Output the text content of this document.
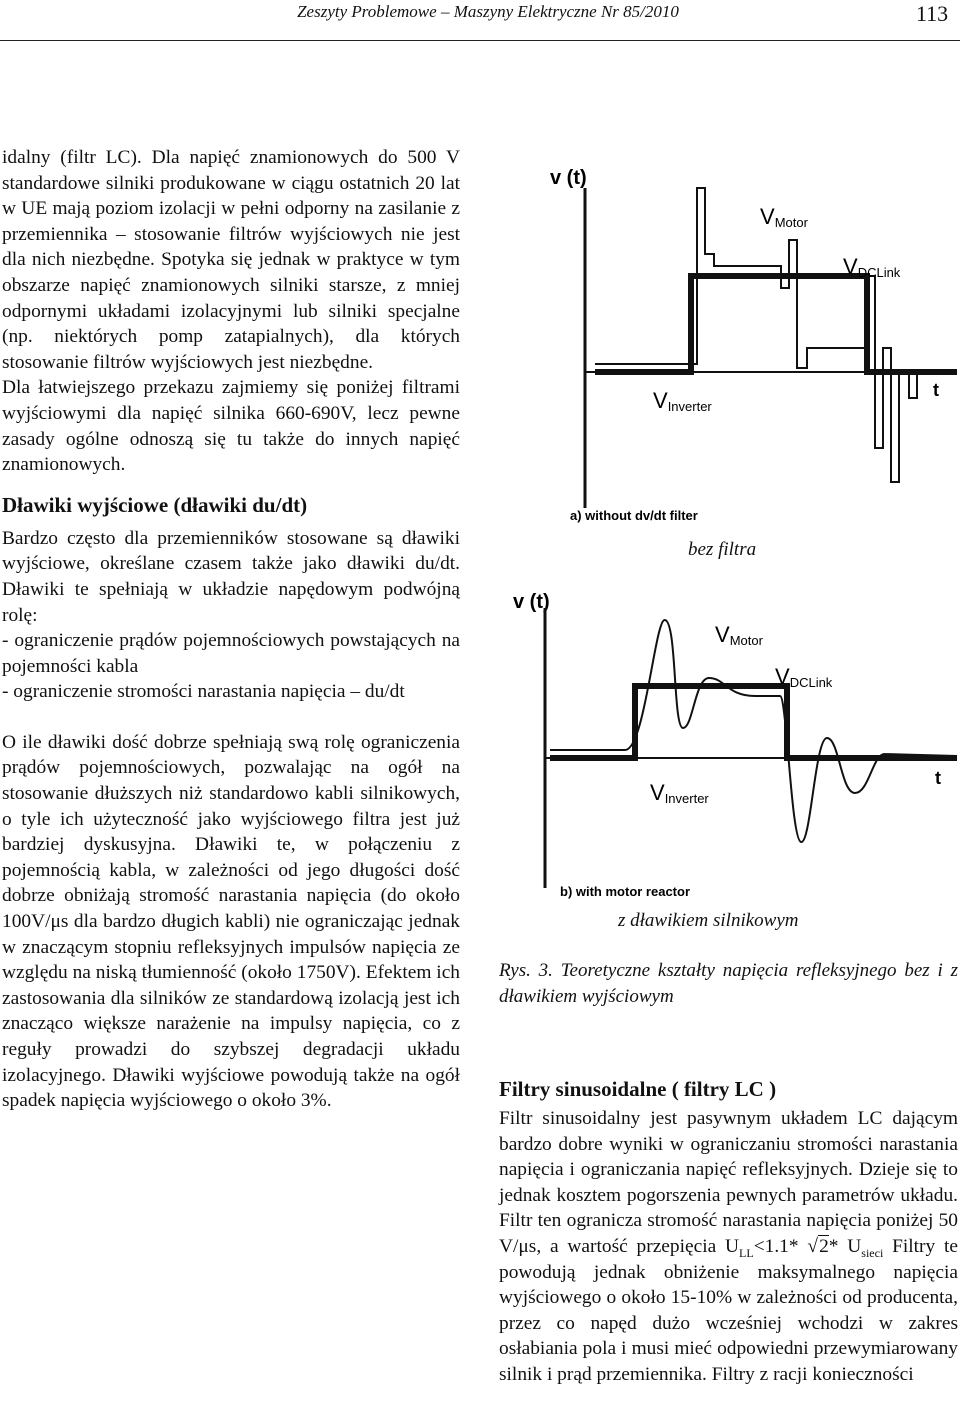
Zeszyty Problemowe – Maszyny Elektryczne Nr 85/2010	113

idalny (filtr LC). Dla napięć znamionowych do 500 V standardowe silniki produkowane w ciągu ostatnich 20 lat w UE mają poziom izolacji w pełni odporny na zasilanie z przemiennika – stosowanie filtrów wyjściowych nie jest dla nich niezbędne. Spotyka się jednak w praktyce w tym obszarze napięć znamionowych silniki starsze, z mniej odpornymi układami izolacyjnymi lub silniki specjalne (np. niektórych pomp zatapialnych), dla których stosowanie filtrów wyjściowych jest niezbędne.

Dla łatwiejszego przekazu zajmiemy się poniżej filtrami wyjściowymi dla napięć silnika 660-690V, lecz pewne zasady ogólne odnoszą się tu także do innych napięć znamionowych.

Dławiki wyjściowe (dławiki du/dt)

Bardzo często dla przemienników stosowane są dławiki wyjściowe, określane czasem także jako dławiki du/dt. Dławiki te spełniają w układzie napędowym podwójną rolę:

- ograniczenie prądów pojemnościowych powstających na pojemności kabla

- ograniczenie stromości narastania napięcia – du/dt

O ile dławiki dość dobrze spełniają swą rolę ograniczenia prądów pojemnościowych, pozwalając na ogół na stosowanie dłuższych niż standardowo kabli silnikowych, o tyle ich użyteczność jako wyjściowego filtra jest już bardziej dyskusyjna. Dławiki te, w połączeniu z pojemnością kabla, w zależności od jego długości dość dobrze obniżają stromość narastania napięcia (do około 100V/μs dla bardzo długich kabli) nie ograniczając jednak w znaczącym stopniu refleksyjnych impulsów napięcia ze względu na niską tłumienność (około 1750V). Efektem ich zastosowania dla silników ze standardową izolacją jest ich znacząco większe narażenie na impulsy napięcia, co z reguły prowadzi do szybszej degradacji układu izolacyjnego. Dławiki wyjściowe powodują także na ogół spadek napięcia wyjściowego o około 3%.

v (t)
t
VMotor
VDCLink
VInverter
a) without dv/dt filter
bez filtra
v (t)
t
VMotor
VDCLink
VInverter
b) with motor reactor
z dławikiem silnikowym
Rys. 3. Teoretyczne kształty napięcia refleksyjnego bez i z dławikiem wyjściowym
Filtry sinusoidalne ( filtry LC )

Filtr sinusoidalny jest pasywnym układem LC dającym bardzo dobre wyniki w ograniczaniu stromości narastania napięcia i ograniczania napięć refleksyjnych. Dzieje się to jednak kosztem pogorszenia pewnych parametrów układu. Filtr ten ogranicza stromość narastania napięcia poniżej 50 V/μs, a wartość przepięcia $U_{LL}<1.1*$ √2* $U_{sieci}$ Filtry te powodują jednak obniżenie maksymalnego napięcia wyjściowego o około 15-10% w zależności od producenta, przez co napęd dużo wcześniej wchodzi w zakres osłabiania pola i musi mieć odpowiedni przewymiarowany silnik i prąd przemiennika. Filtry z racji konieczności
